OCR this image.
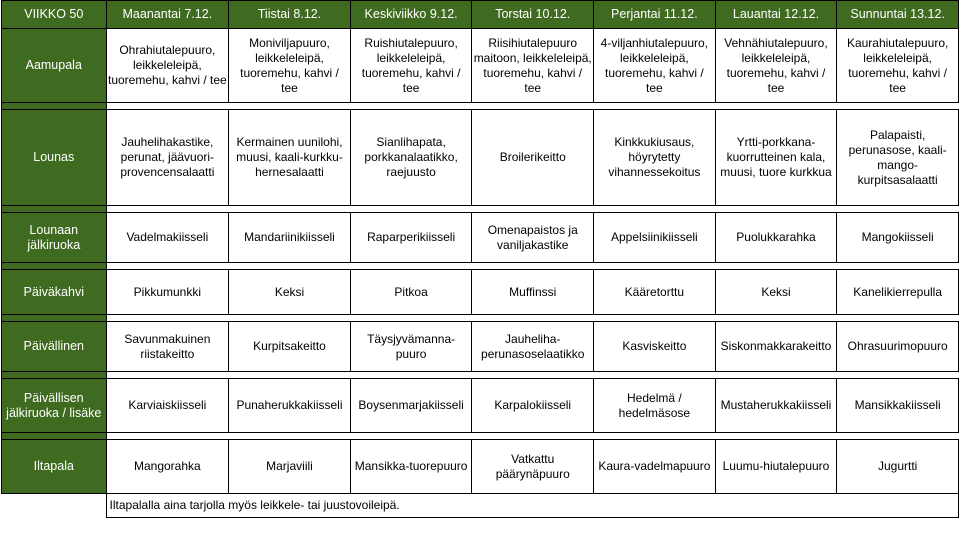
VIIKKO 50	Maanantai 7.12.	Tiistai 8.12.	Keskiviikko 9.12.	Torstai 10.12.	Perjantai 11.12.	Lauantai 12.12.	Sunnuntai 13.12.
Aamupala	Ohrahiutalepuuro, leikkeleleipä, tuoremehu, kahvi / tee	Moniviljapuuro, leikkeleleipä, tuoremehu, kahvi / tee	Ruishiutalepuuro, leikkeleleipä, tuoremehu, kahvi / tee	Riisihiutalepuuro maitoon, leikkeleleipä, tuoremehu, kahvi / tee	4-viljanhiutalepuuro, leikkeleleipä, tuoremehu, kahvi / tee	Vehnähiutalepuuro, leikkeleleipä, tuoremehu, kahvi / tee	Kaurahiutalepuuro, leikkeleleipä, tuoremehu, kahvi / tee

Lounas	Jauhelihakastike, perunat, jäävuori-provencensalaatti	Kermainen uunilohi, muusi, kaali-kurkku-hernesalaatti	Sianlihapata, porkkanalaatikko, raejuusto	Broilerikeitto	Kinkkukiusaus, höyrytetty vihannessekoitus	Yrtti-porkkana-kuorrutteinen kala, muusi, tuore kurkkua	Palapaisti, perunasose, kaali-mango-kurpitsasalaatti

Lounaan jälkiruoka	Vadelmakiisseli	Mandariinikiisseli	Raparperikiisseli	Omenapaistos ja vaniljakastike	Appelsiinikiisseli	Puolukkarahka	Mangokiisseli

Päiväkahvi	Pikkumunkki	Keksi	Pitkoa	Muffinssi	Kääretorttu	Keksi	Kanelikierrepulla

Päivällinen	Savunmakuinen riistakeitto	Kurpitsakeitto	Täysjyvämanna-puuro	Jauheliha-perunasoselaatikko	Kasviskeitto	Siskonmakkarakeitto	Ohrasuurimopuuro

Päivällisen jälkiruoka / lisäke	Karviaiskiisseli	Punaherukkakiisseli	Boysenmarjakiisseli	Karpalokiisseli	Hedelmä / hedelmäsose	Mustaherukkakiisseli	Mansikkakiisseli

Iltapala	Mangorahka	Marjaviili	Mansikka-tuorepuuro	Vatkattu päärynäpuuro	Kaura-vadelmapuuro	Luumu-hiutalepuuro	Jugurtti
	Iltapalalla aina tarjolla myös leikkele- tai juustovoileipä.						
